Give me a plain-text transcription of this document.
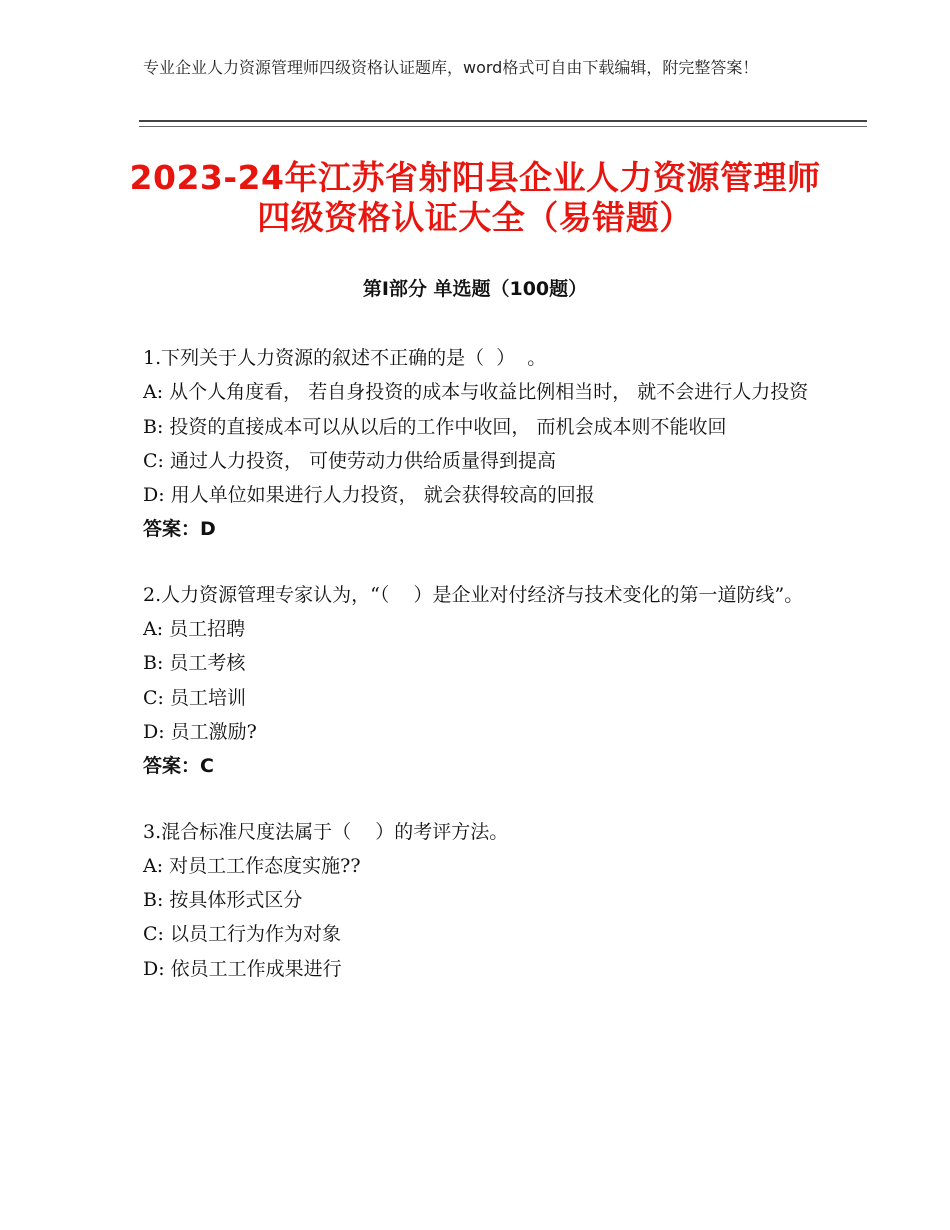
专业企业人力资源管理师四级资格认证题库，word格式可自由下载编辑，附完整答案！
2023-24年江苏省射阳县企业人力资源管理师四级资格认证大全（易错题）
第Ⅰ部分 单选题（100题）
1.下列关于人力资源的叙述不正确的是（  ）  。
A: 从个人角度看， 若自身投资的成本与收益比例相当时， 就不会进行人力投资
B: 投资的直接成本可以从以后的工作中收回， 而机会成本则不能收回
C: 通过人力投资， 可使劳动力供给质量得到提高
D: 用人单位如果进行人力投资， 就会获得较高的回报
答案：D
2.人力资源管理专家认为，“（    ）是企业对付经济与技术变化的第一道防线”。
A: 员工招聘
B: 员工考核
C: 员工培训
D: 员工激励?
答案：C
3.混合标准尺度法属于（    ）的考评方法。
A: 对员工工作态度实施??
B: 按具体形式区分
C: 以员工行为作为对象
D: 依员工工作成果进行
